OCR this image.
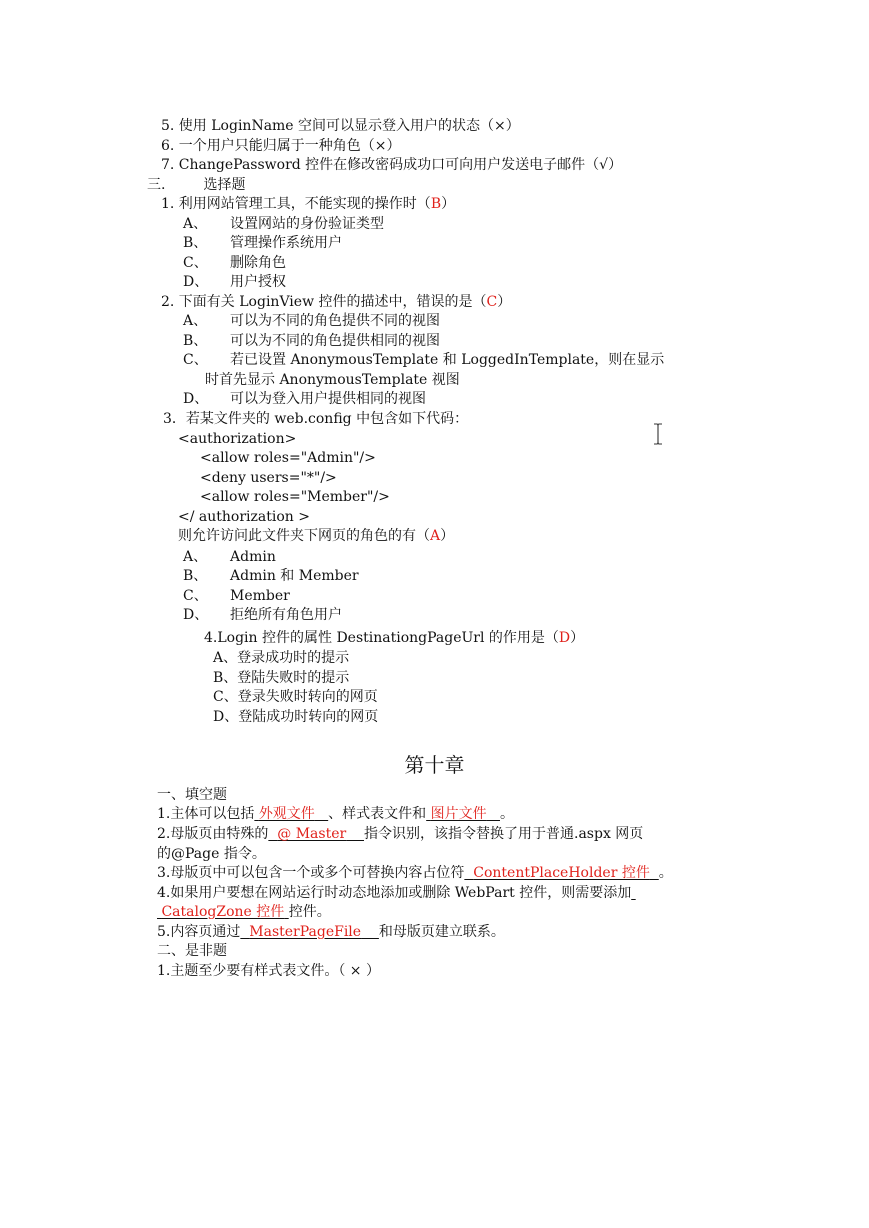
5. 使用 LoginName 空间可以显示登入用户的状态（×）
6. 一个用户只能归属于一种角色（×）
7. ChangePassword 控件在修改密码成功口可向用户发送电子邮件（√）
三.	选择题
1. 利用网站管理工具，不能实现的操作时（B）
A、 设置网站的身份验证类型
B、 管理操作系统用户
C、 删除角色
D、 用户授权
2. 下面有关 LoginView 控件的描述中，错误的是（C）
A、 可以为不同的角色提供不同的视图
B、 可以为不同的角色提供相同的视图
C、 若已设置 AnonymousTemplate 和 LoggedInTemplate，则在显示
时首先显示 AnonymousTemplate 视图
D、 可以为登入用户提供相同的视图
3．若某文件夹的 web.config 中包含如下代码：
<authorization>
<allow roles="Admin"/>
<deny users="*"/>
<allow roles="Member"/>
</ authorization >
则允许访问此文件夹下网页的角色的有（A）
A、 Admin
B、 Admin 和 Member
C、 Member
D、 拒绝所有角色用户
4.Login 控件的属性 DestinationgPageUrl 的作用是（D）
A、登录成功时的提示
B、登陆失败时的提示
C、登录失败时转向的网页
D、登陆成功时转向的网页
第十章
一、填空题
1.主体可以包括 外观文件 、样式表文件和 图片文件 。
2.母版页由特殊的 @ Master 指令识别，该指令替换了用于普通.aspx 网页
的@Page 指令。
3.母版页中可以包含一个或多个可替换内容占位符 ContentPlaceHolder 控件 。
4.如果用户要想在网站运行时动态地添加或删除 WebPart 控件，则需要添加
CatalogZone 控件 控件。
5.内容页通过 MasterPageFile 和母版页建立联系。
二、是非题
1.主题至少要有样式表文件。（ × ）
